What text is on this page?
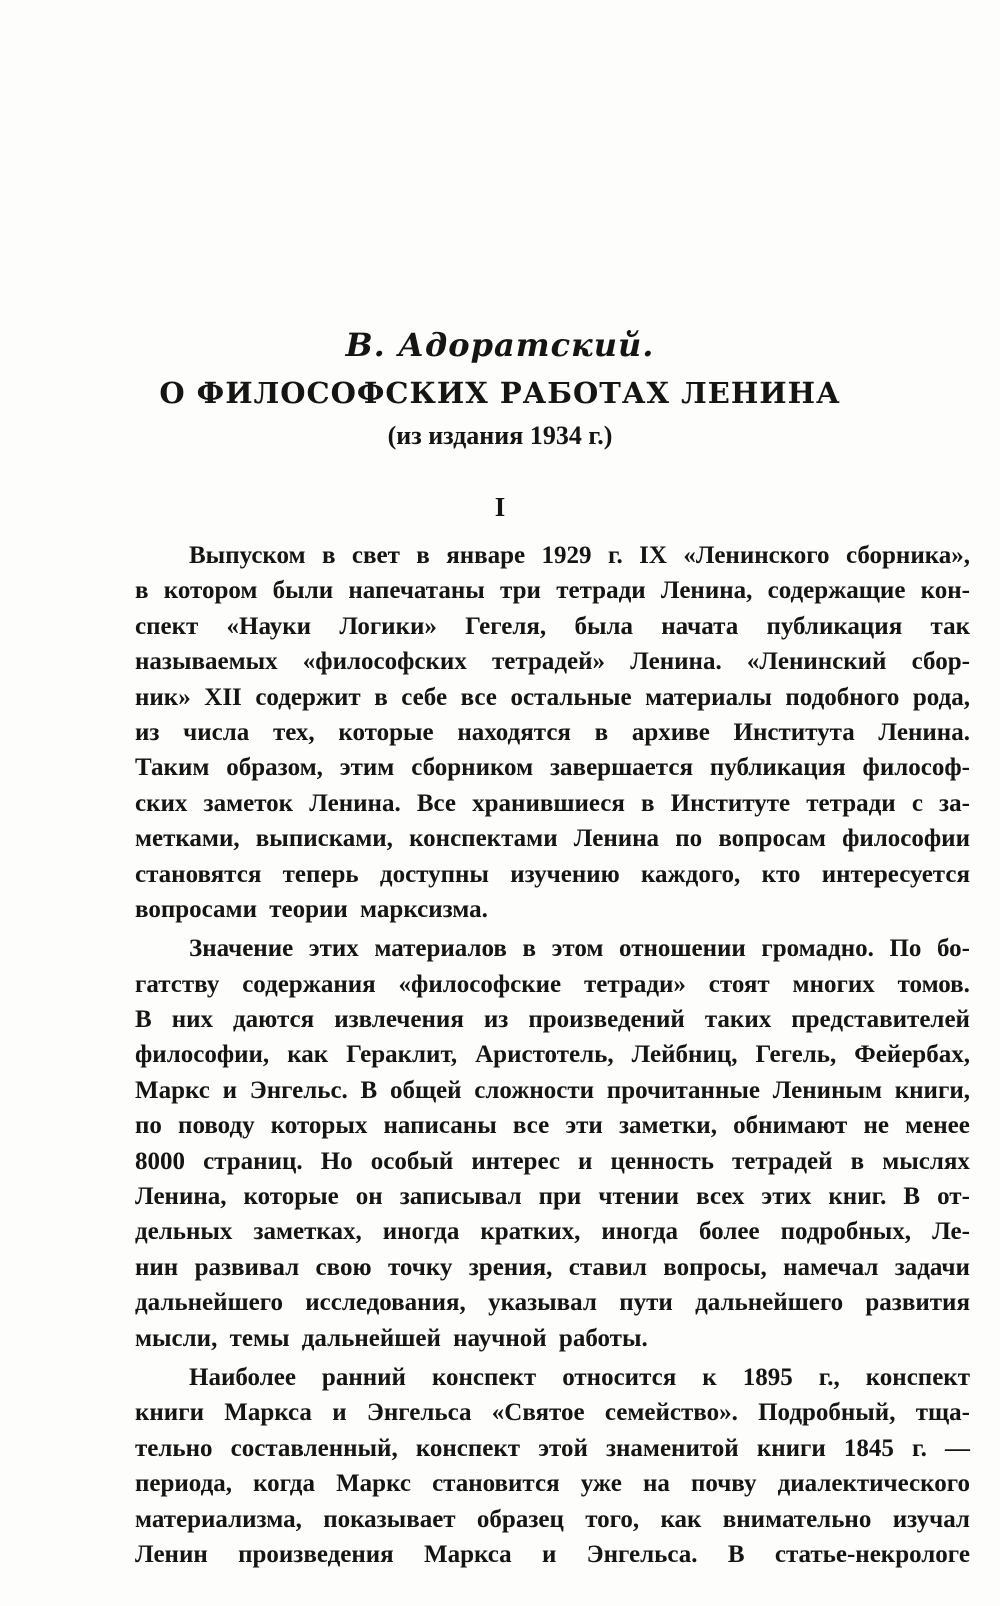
В. Адоратский.
О ФИЛОСОФСКИХ РАБОТАХ ЛЕНИНА
(из издания 1934 г.)
I
Выпуском в свет в январе 1929 г. IX «Ленинского сборника»,
в котором были напечатаны три тетради Ленина, содержащие кон-
спект «Науки Логики» Гегеля, была начата публикация так
называемых «философских тетрадей» Ленина. «Ленинский сбор-
ник» XII содержит в себе все остальные материалы подобного рода,
из числа тех, которые находятся в архиве Института Ленина.
Таким образом, этим сборником завершается публикация философ-
ских заметок Ленина. Все хранившиеся в Институте тетради с за-
метками, выписками, конспектами Ленина по вопросам философии
становятся теперь доступны изучению каждого, кто интересуется
вопросами теории марксизма.
Значение этих материалов в этом отношении громадно. По бо-
гатству содержания «философские тетради» стоят многих томов.
В них даются извлечения из произведений таких представителей
философии, как Гераклит, Аристотель, Лейбниц, Гегель, Фейербах,
Маркс и Энгельс. В общей сложности прочитанные Лениным книги,
по поводу которых написаны все эти заметки, обнимают не менее
8000 страниц. Но особый интерес и ценность тетрадей в мыслях
Ленина, которые он записывал при чтении всех этих книг. В от-
дельных заметках, иногда кратких, иногда более подробных, Ле-
нин развивал свою точку зрения, ставил вопросы, намечал задачи
дальнейшего исследования, указывал пути дальнейшего развития
мысли, темы дальнейшей научной работы.
Наиболее ранний конспект относится к 1895 г., конспект
книги Маркса и Энгельса «Святое семейство». Подробный, тща-
тельно составленный, конспект этой знаменитой книги 1845 г. —
периода, когда Маркс становится уже на почву диалектического
материализма, показывает образец того, как внимательно изучал
Ленин произведения Маркса и Энгельса. В статье-некрологе
